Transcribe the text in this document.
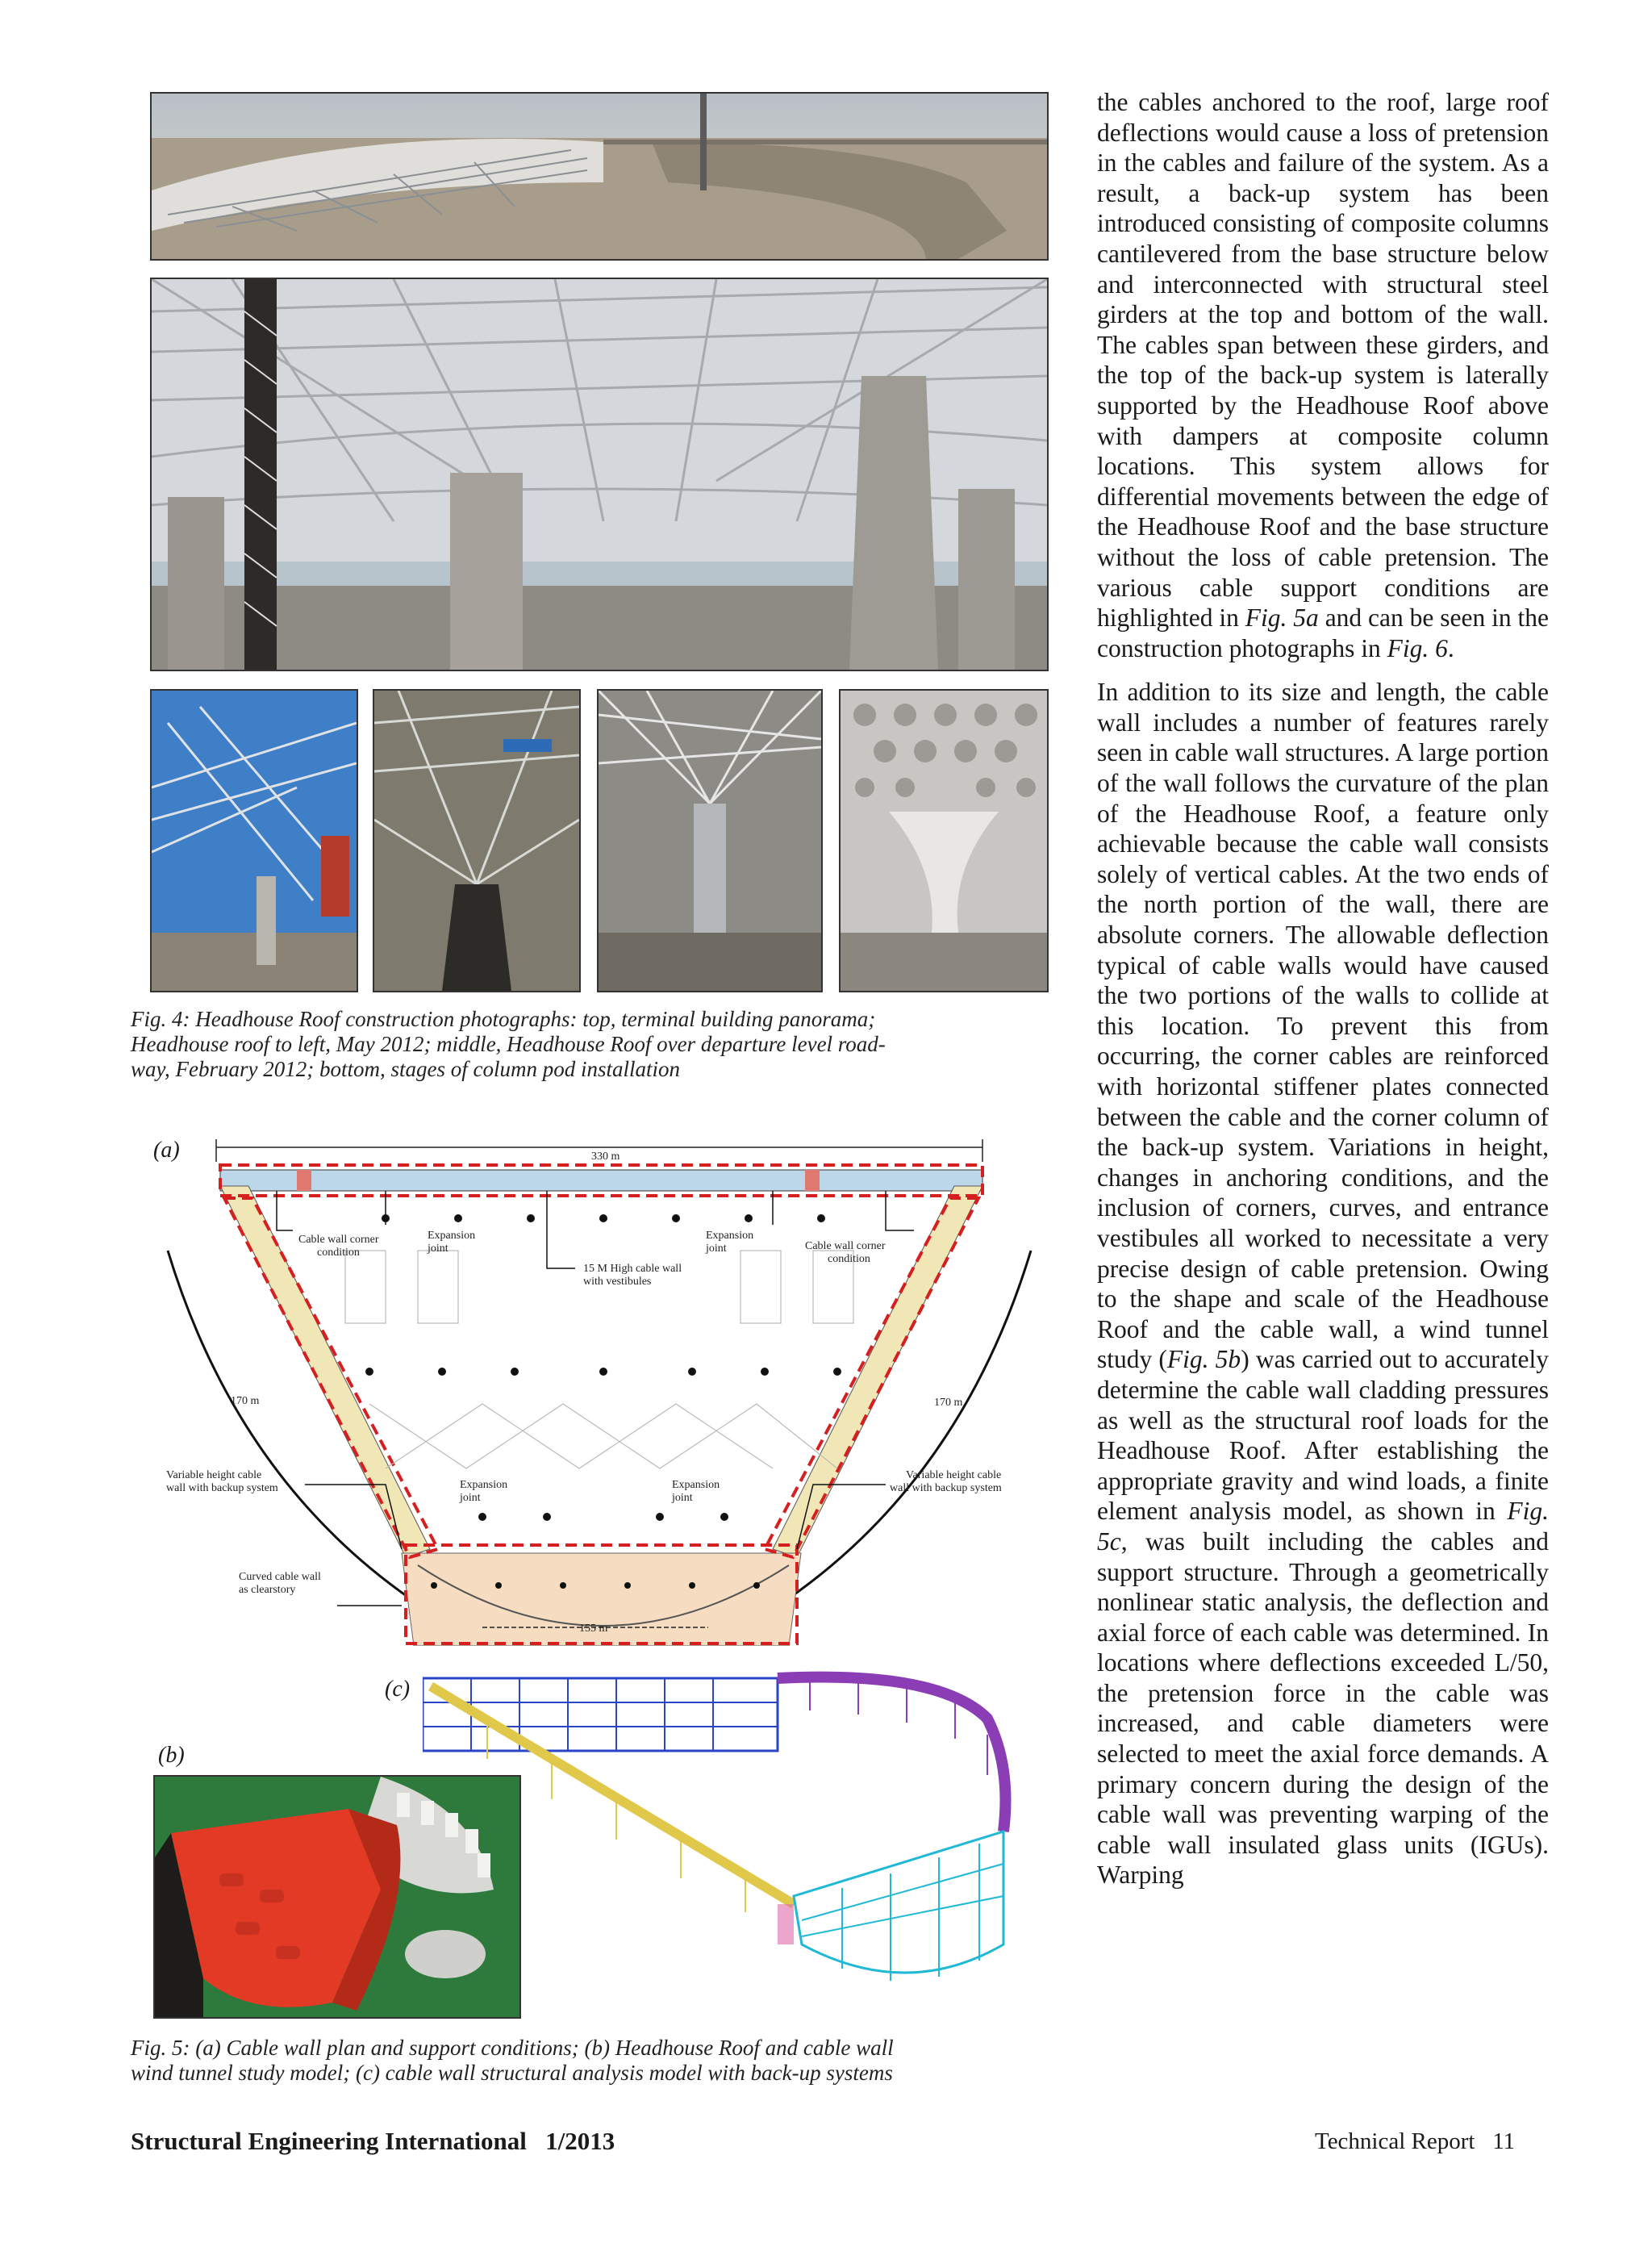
Fig. 4: Headhouse Roof construction photographs: top, terminal building panorama;
Headhouse roof to left, May 2012; middle, Headhouse Roof over departure level road-
way, February 2012; bottom, stages of column pod installation
(a)	330 m
Cable wall corner
condition
Expansion
joint
15 M High cable wall
with vestibules
Expansion
joint	Cable wall corner
condition
170 m	170 m
Variable height cable
wall with backup system
Variable height cable
wall with backup system
Expansion
joint
Expansion
joint
Curved cable wall
as clearstory
155 m
(c)
(b)
Fig. 5: (a) Cable wall plan and support conditions; (b) Headhouse Roof and cable wall
wind tunnel study model; (c) cable wall structural analysis model with back-up systems

the cables anchored to the roof, large roof deflections would cause a loss of pretension in the cables and failure of the system. As a result, a back-up system has been introduced consisting of composite columns cantilevered from the base structure below and interconnected with structural steel girders at the top and bottom of the wall. The cables span between these girders, and the top of the back-up system is laterally supported by the Headhouse Roof above with dampers at composite column locations. This system allows for differential movements between the edge of the Headhouse Roof and the base structure without the loss of cable pretension. The various cable support conditions are highlighted in Fig. 5a and can be seen in the construction photographs in Fig. 6.

In addition to its size and length, the cable wall includes a number of features rarely seen in cable wall structures. A large portion of the wall follows the curvature of the plan of the Headhouse Roof, a feature only achievable because the cable wall consists solely of vertical cables. At the two ends of the north portion of the wall, there are absolute corners. The allowable deflection typical of cable walls would have caused the two portions of the walls to collide at this location. To prevent this from occurring, the corner cables are reinforced with horizontal stiffener plates connected between the cable and the corner column of the back-up system. Variations in height, changes in anchoring conditions, and the inclusion of corners, curves, and entrance vestibules all worked to necessitate a very precise design of cable pretension. Owing to the shape and scale of the Headhouse Roof and the cable wall, a wind tunnel study (Fig. 5b) was carried out to accurately determine the cable wall cladding pressures as well as the structural roof loads for the Headhouse Roof. After establishing the appropriate gravity and wind loads, a finite element analysis model, as shown in Fig. 5c, was built including the cables and support structure. Through a geometrically nonlinear static analysis, the deflection and axial force of each cable was determined. In locations where deflections exceeded L/50, the pretension force in the cable was increased, and cable diameters were selected to meet the axial force demands. A primary concern during the design of the cable wall was preventing warping of the cable wall insulated glass units (IGUs). Warping

Structural Engineering International   1/2013	Technical Report   11
